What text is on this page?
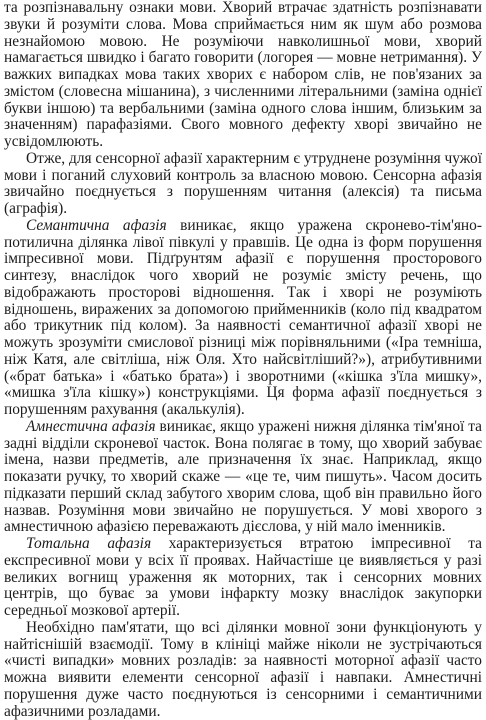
та розпізнавальну ознаки мови. Хворий втрачає здатність розпізнавати звуки й розуміти слова. Мова сприймається ним як шум або розмова незнайомою мовою. Не розуміючи навколишньої мови, хворий намагається швидко і багато говорити (логорея — мовне нетримання). У важких випадках мова таких хворих є набором слів, не пов'язаних за змістом (словесна мішанина), з численними літеральними (заміна однієї букви іншою) та вербальними (заміна одного слова іншим, близьким за значенням) парафазіями. Свого мовного дефекту хворі звичайно не усвідомлюють.

Отже, для сенсорної афазії характерним є утруднене розуміння чужої мови і поганий слуховий контроль за власною мовою. Сенсорна афазія звичайно поєднується з порушенням читання (алексія) та письма (аграфія).

Семантична афазія виникає, якщо уражена скроневo-тім'яно-потилична ділянка лівої півкулі у правшів. Це одна із форм порушення імпресивної мови. Підґрунтям афазії є порушення просторового синтезу, внаслідок чого хворий не розуміє змісту речень, що відображають просторові відношення. Так і хворі не розуміють відношень, виражених за допомогою прийменників (коло під квадратом або трикутник під колом). За наявності семантичної афазії хворі не можуть зрозуміти смислової різниці між порівняльними («Іра темніша, ніж Катя, але світліша, ніж Оля. Хто найсвітліший?»), атрибутивними («брат батька» і «батько брата») і зворотними («кішка з'їла мишку», «мишка з'їла кішку») конструкціями. Ця форма афазії поєднується з порушенням рахування (акалькулія).

Амнестична афазія виникає, якщо уражені нижня ділянка тім'яної та задні відділи скроневої часток. Вона полягає в тому, що хворий забуває імена, назви предметів, але призначення їх знає. Наприклад, якщо показати ручку, то хворий скаже — «це те, чим пишуть». Часом досить підказати перший склад забутого хворим слова, щоб він правильно його назвав. Розуміння мови звичайно не порушується. У мові хворого з амнестичною афазією переважають дієслова, у ній мало іменників.

Тотальна афазія характеризується втратою імпресивної та експресивної мови у всіх її проявах. Найчастіше це виявляється у разі великих вогнищ ураження як моторних, так і сенсорних мовних центрів, що буває за умови інфаркту мозку внаслідок закупорки середньої мозкової артерії.

Необхідно пам'ятати, що всі ділянки мовної зони функціонують у найтіснішій взаємодії. Тому в клініці майже ніколи не зустрічаються «чисті випадки» мовних розладів: за наявності моторної афазії часто можна виявити елементи сенсорної афазії і навпаки. Амнестичні порушення дуже часто поєднуються із сенсорними і семантичними афазичними розладами.
